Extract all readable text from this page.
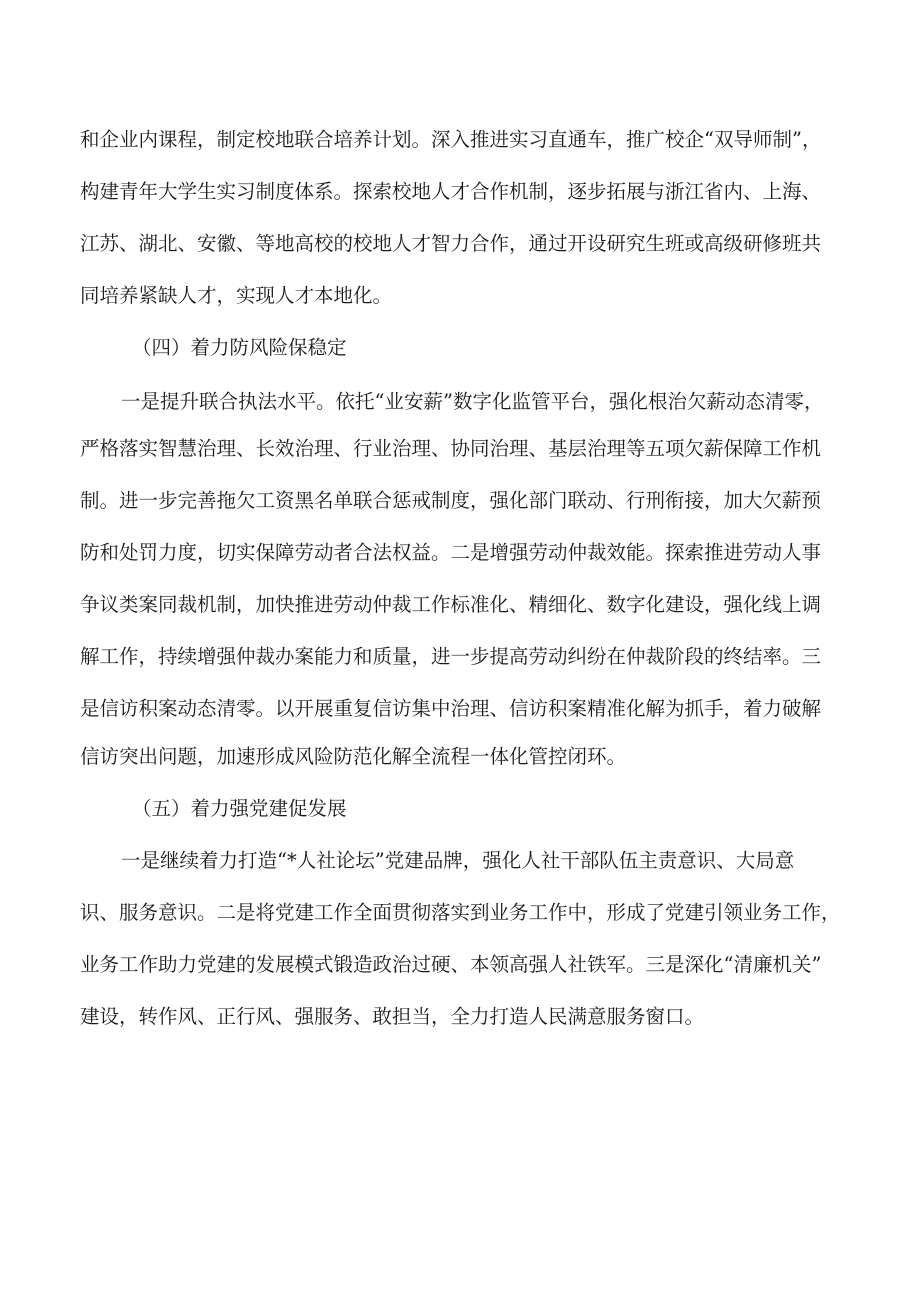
和企业内课程，制定校地联合培养计划。深入推进实习直通车，推广校企“双导师制”，

构建青年大学生实习制度体系。探索校地人才合作机制，逐步拓展与浙江省内、上海、

江苏、湖北、安徽、等地高校的校地人才智力合作，通过开设研究生班或高级研修班共

同培养紧缺人才，实现人才本地化。

（四）着力防风险保稳定

一是提升联合执法水平。依托“业安薪”数字化监管平台，强化根治欠薪动态清零，

严格落实智慧治理、长效治理、行业治理、协同治理、基层治理等五项欠薪保障工作机

制。进一步完善拖欠工资黑名单联合惩戒制度，强化部门联动、行刑衔接，加大欠薪预

防和处罚力度，切实保障劳动者合法权益。二是增强劳动仲裁效能。探索推进劳动人事

争议类案同裁机制，加快推进劳动仲裁工作标准化、精细化、数字化建设，强化线上调

解工作，持续增强仲裁办案能力和质量，进一步提高劳动纠纷在仲裁阶段的终结率。三

是信访积案动态清零。以开展重复信访集中治理、信访积案精准化解为抓手，着力破解

信访突出问题，加速形成风险防范化解全流程一体化管控闭环。

（五）着力强党建促发展

一是继续着力打造“*人社论坛”党建品牌，强化人社干部队伍主责意识、大局意

识、服务意识。二是将党建工作全面贯彻落实到业务工作中，形成了党建引领业务工作，

业务工作助力党建的发展模式锻造政治过硬、本领高强人社铁军。三是深化“清廉机关”

建设，转作风、正行风、强服务、敢担当，全力打造人民满意服务窗口。
